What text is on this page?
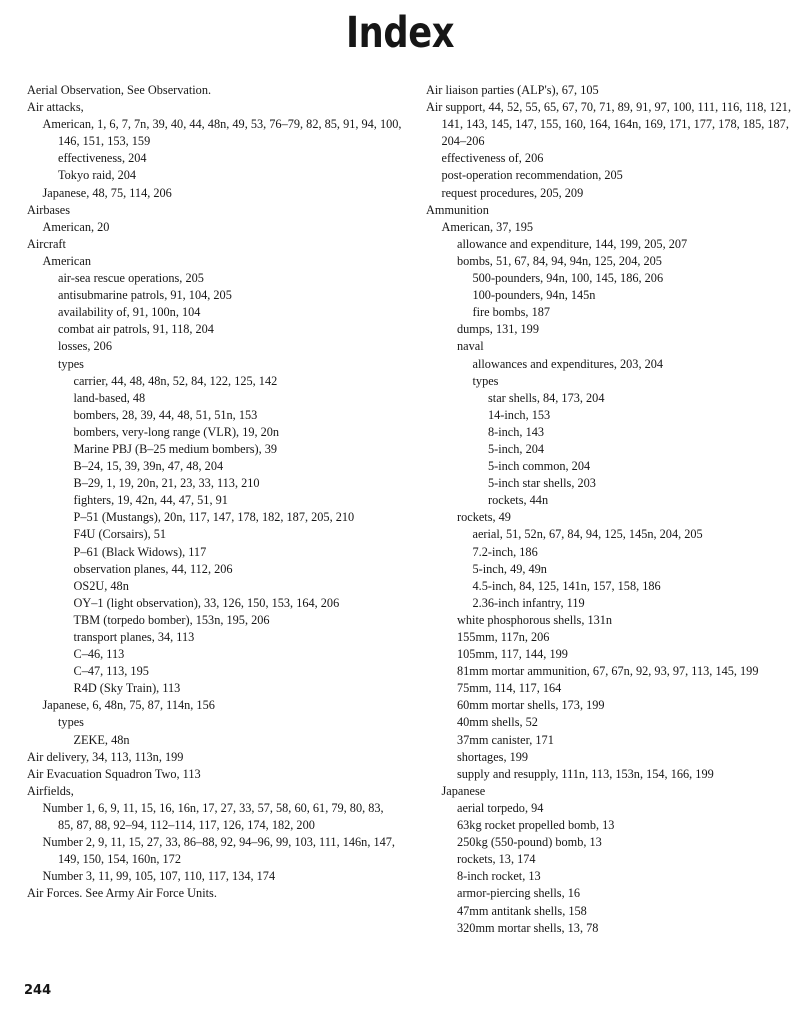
Index
Aerial Observation, See Observation.
Air attacks,
American, 1, 6, 7, 7n, 39, 40, 44, 48n, 49, 53, 76–79, 82, 85, 91, 94, 100, 146, 151, 153, 159
effectiveness, 204
Tokyo raid, 204
Japanese, 48, 75, 114, 206
Airbases
American, 20
Aircraft
American
air-sea rescue operations, 205
antisubmarine patrols, 91, 104, 205
availability of, 91, 100n, 104
combat air patrols, 91, 118, 204
losses, 206
types
carrier, 44, 48, 48n, 52, 84, 122, 125, 142
land-based, 48
bombers, 28, 39, 44, 48, 51, 51n, 153
bombers, very-long range (VLR), 19, 20n
Marine PBJ (B–25 medium bombers), 39
B–24, 15, 39, 39n, 47, 48, 204
B–29, 1, 19, 20n, 21, 23, 33, 113, 210
fighters, 19, 42n, 44, 47, 51, 91
P–51 (Mustangs), 20n, 117, 147, 178, 182, 187, 205, 210
F4U (Corsairs), 51
P–61 (Black Widows), 117
observation planes, 44, 112, 206
OS2U, 48n
OY–1 (light observation), 33, 126, 150, 153, 164, 206
TBM (torpedo bomber), 153n, 195, 206
transport planes, 34, 113
C–46, 113
C–47, 113, 195
R4D (Sky Train), 113
Japanese, 6, 48n, 75, 87, 114n, 156
types
ZEKE, 48n
Air delivery, 34, 113, 113n, 199
Air Evacuation Squadron Two, 113
Airfields,
Number 1, 6, 9, 11, 15, 16, 16n, 17, 27, 33, 57, 58, 60, 61, 79, 80, 83, 85, 87, 88, 92–94, 112–114, 117, 126, 174, 182, 200
Number 2, 9, 11, 15, 27, 33, 86–88, 92, 94–96, 99, 103, 111, 146n, 147, 149, 150, 154, 160n, 172
Number 3, 11, 99, 105, 107, 110, 117, 134, 174
Air Forces. See Army Air Force Units.
Air liaison parties (ALP's), 67, 105
Air support, 44, 52, 55, 65, 67, 70, 71, 89, 91, 97, 100, 111, 116, 118, 121, 141, 143, 145, 147, 155, 160, 164, 164n, 169, 171, 177, 178, 185, 187, 204–206
effectiveness of, 206
post-operation recommendation, 205
request procedures, 205, 209
Ammunition
American, 37, 195
allowance and expenditure, 144, 199, 205, 207
bombs, 51, 67, 84, 94, 94n, 125, 204, 205
500-pounders, 94n, 100, 145, 186, 206
100-pounders, 94n, 145n
fire bombs, 187
dumps, 131, 199
naval
allowances and expenditures, 203, 204
types
star shells, 84, 173, 204
14-inch, 153
8-inch, 143
5-inch, 204
5-inch common, 204
5-inch star shells, 203
rockets, 44n
rockets, 49
aerial, 51, 52n, 67, 84, 94, 125, 145n, 204, 205
7.2-inch, 186
5-inch, 49, 49n
4.5-inch, 84, 125, 141n, 157, 158, 186
2.36-inch infantry, 119
white phosphorous shells, 131n
155mm, 117n, 206
105mm, 117, 144, 199
81mm mortar ammunition, 67, 67n, 92, 93, 97, 113, 145, 199
75mm, 114, 117, 164
60mm mortar shells, 173, 199
40mm shells, 52
37mm canister, 171
shortages, 199
supply and resupply, 111n, 113, 153n, 154, 166, 199
Japanese
aerial torpedo, 94
63kg rocket propelled bomb, 13
250kg (550-pound) bomb, 13
rockets, 13, 174
8-inch rocket, 13
armor-piercing shells, 16
47mm antitank shells, 158
320mm mortar shells, 13, 78
244
